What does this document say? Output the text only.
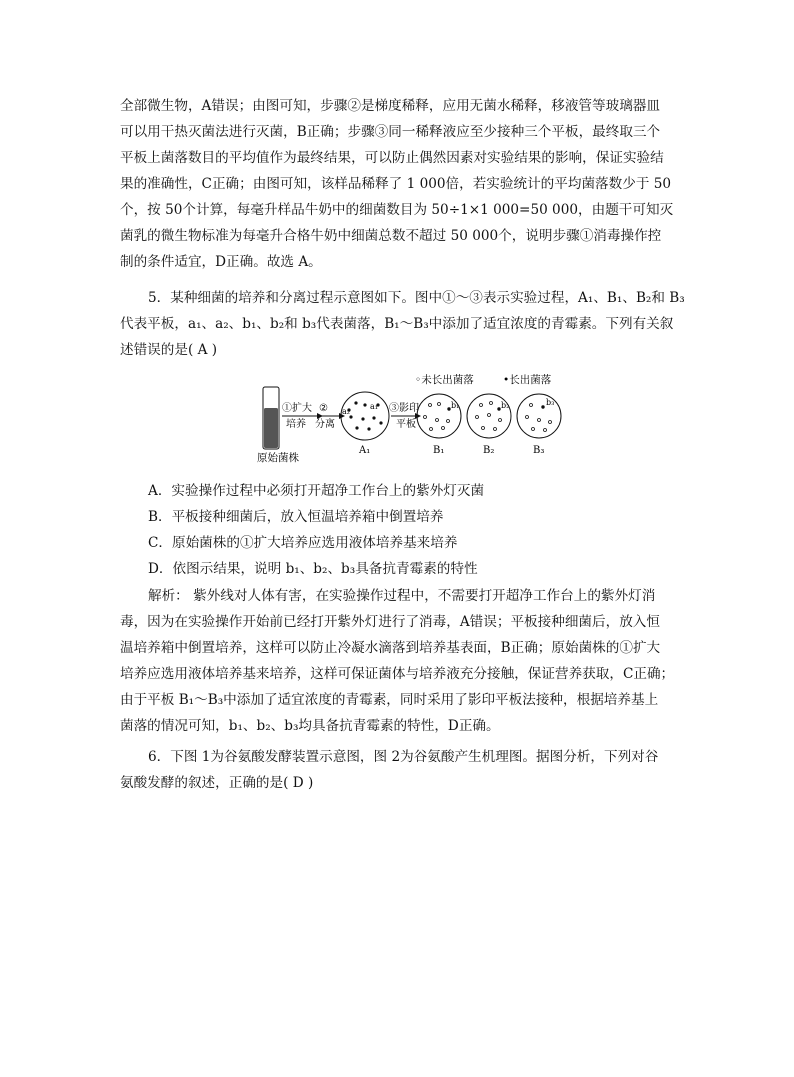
全部微生物，A错误；由图可知，步骤②是梯度稀释，应用无菌水稀释，移液管等玻璃器皿
可以用干热灭菌法进行灭菌，B正确；步骤③同一稀释液应至少接种三个平板，最终取三个
平板上菌落数目的平均值作为最终结果，可以防止偶然因素对实验结果的影响，保证实验结
果的准确性，C正确；由图可知，该样品稀释了 1 000倍，若实验统计的平均菌落数少于 50
个，按 50个计算，每毫升样品牛奶中的细菌数目为 50÷1×1 000=50 000，由题干可知灭
菌乳的微生物标准为每毫升合格牛奶中细菌总数不超过 50 000个，说明步骤①消毒操作控
制的条件适宜，D正确。故选 A。
5．某种细菌的培养和分离过程示意图如下。图中①～③表示实验过程，A₁、B₁、B₂和 B₃
代表平板，a₁、a₂、b₁、b₂和 b₃代表菌落，B₁～B₃中添加了适宜浓度的青霉素。下列有关叙
述错误的是( A )
◦未长出菌落	•长出菌落
原始菌株
①扩大
培养
②
分离
a₁
a₂
A₁
③影印
平板
b₁
B₁
b₂
B₂
b₃
B₃
A．实验操作过程中必须打开超净工作台上的紫外灯灭菌
B．平板接种细菌后，放入恒温培养箱中倒置培养
C．原始菌株的①扩大培养应选用液体培养基来培养
D．依图示结果，说明 b₁、b₂、b₃具备抗青霉素的特性
解析： 紫外线对人体有害，在实验操作过程中，不需要打开超净工作台上的紫外灯消
毒，因为在实验操作开始前已经打开紫外灯进行了消毒，A错误；平板接种细菌后，放入恒
温培养箱中倒置培养，这样可以防止冷凝水滴落到培养基表面，B正确；原始菌株的①扩大
培养应选用液体培养基来培养，这样可保证菌体与培养液充分接触，保证营养获取，C正确；
由于平板 B₁～B₃中添加了适宜浓度的青霉素，同时采用了影印平板法接种，根据培养基上
菌落的情况可知，b₁、b₂、b₃均具备抗青霉素的特性，D正确。
6．下图 1为谷氨酸发酵装置示意图，图 2为谷氨酸产生机理图。据图分析，下列对谷
氨酸发酵的叙述，正确的是( D )
